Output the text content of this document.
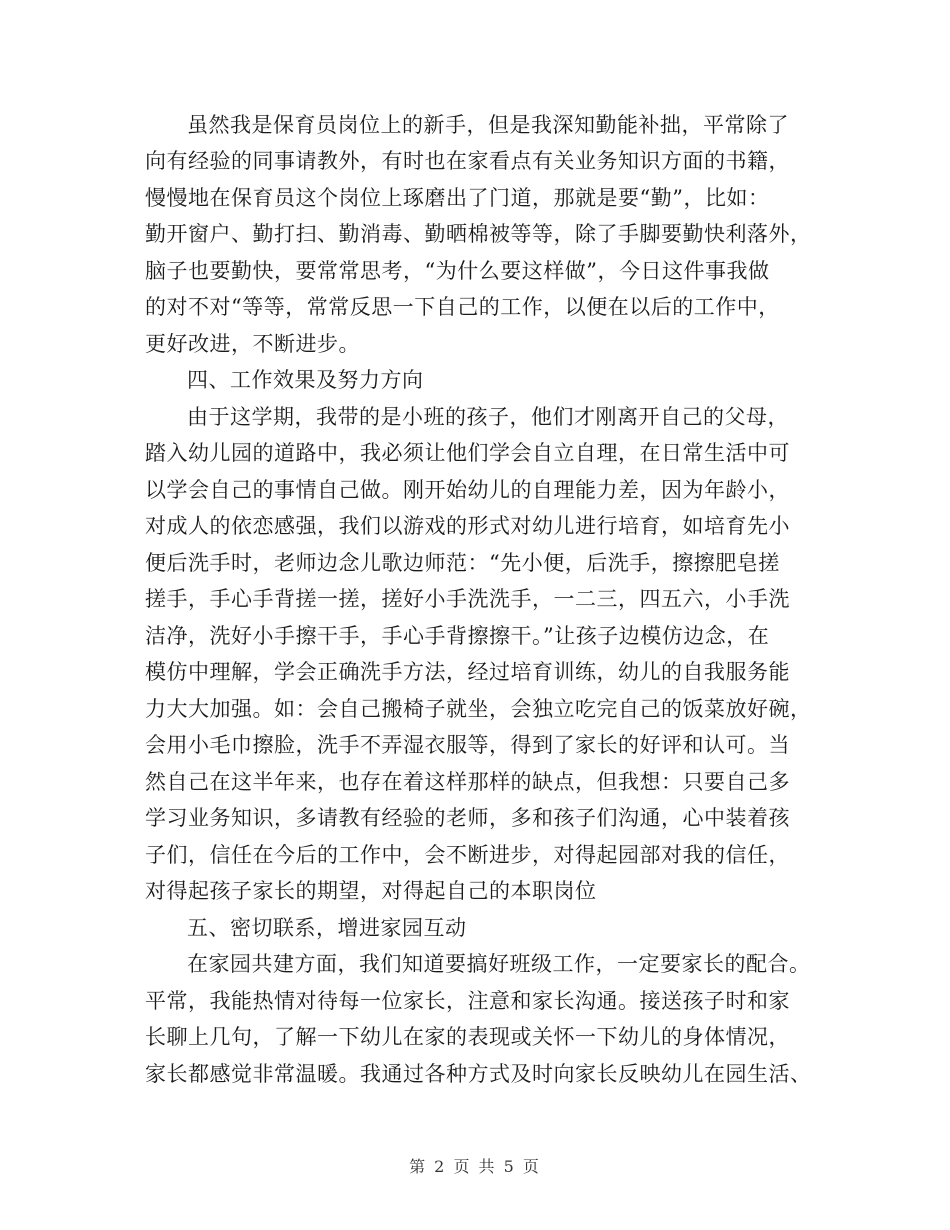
虽然我是保育员岗位上的新手，但是我深知勤能补拙，平常除了
向有经验的同事请教外，有时也在家看点有关业务知识方面的书籍，
慢慢地在保育员这个岗位上琢磨出了门道，那就是要“勤”，比如：
勤开窗户、勤打扫、勤消毒、勤晒棉被等等，除了手脚要勤快利落外，
脑子也要勤快，要常常思考，“为什么要这样做”，今日这件事我做
的对不对“等等，常常反思一下自己的工作，以便在以后的工作中，
更好改进，不断进步。
四、工作效果及努力方向
由于这学期，我带的是小班的孩子，他们才刚离开自己的父母，
踏入幼儿园的道路中，我必须让他们学会自立自理，在日常生活中可
以学会自己的事情自己做。刚开始幼儿的自理能力差，因为年龄小，
对成人的依恋感强，我们以游戏的形式对幼儿进行培育，如培育先小
便后洗手时，老师边念儿歌边师范：“先小便，后洗手，擦擦肥皂搓
搓手，手心手背搓一搓，搓好小手洗洗手，一二三，四五六，小手洗
洁净，洗好小手擦干手，手心手背擦擦干。”让孩子边模仿边念，在
模仿中理解，学会正确洗手方法，经过培育训练，幼儿的自我服务能
力大大加强。如：会自己搬椅子就坐，会独立吃完自己的饭菜放好碗，
会用小毛巾擦脸，洗手不弄湿衣服等，得到了家长的好评和认可。当
然自己在这半年来，也存在着这样那样的缺点，但我想：只要自己多
学习业务知识，多请教有经验的老师，多和孩子们沟通，心中装着孩
子们，信任在今后的工作中，会不断进步，对得起园部对我的信任，
对得起孩子家长的期望，对得起自己的本职岗位
五、密切联系，增进家园互动
在家园共建方面，我们知道要搞好班级工作，一定要家长的配合。
平常，我能热情对待每一位家长，注意和家长沟通。接送孩子时和家
长聊上几句，了解一下幼儿在家的表现或关怀一下幼儿的身体情况，
家长都感觉非常温暖。我通过各种方式及时向家长反映幼儿在园生活、
第 2 页 共 5 页
